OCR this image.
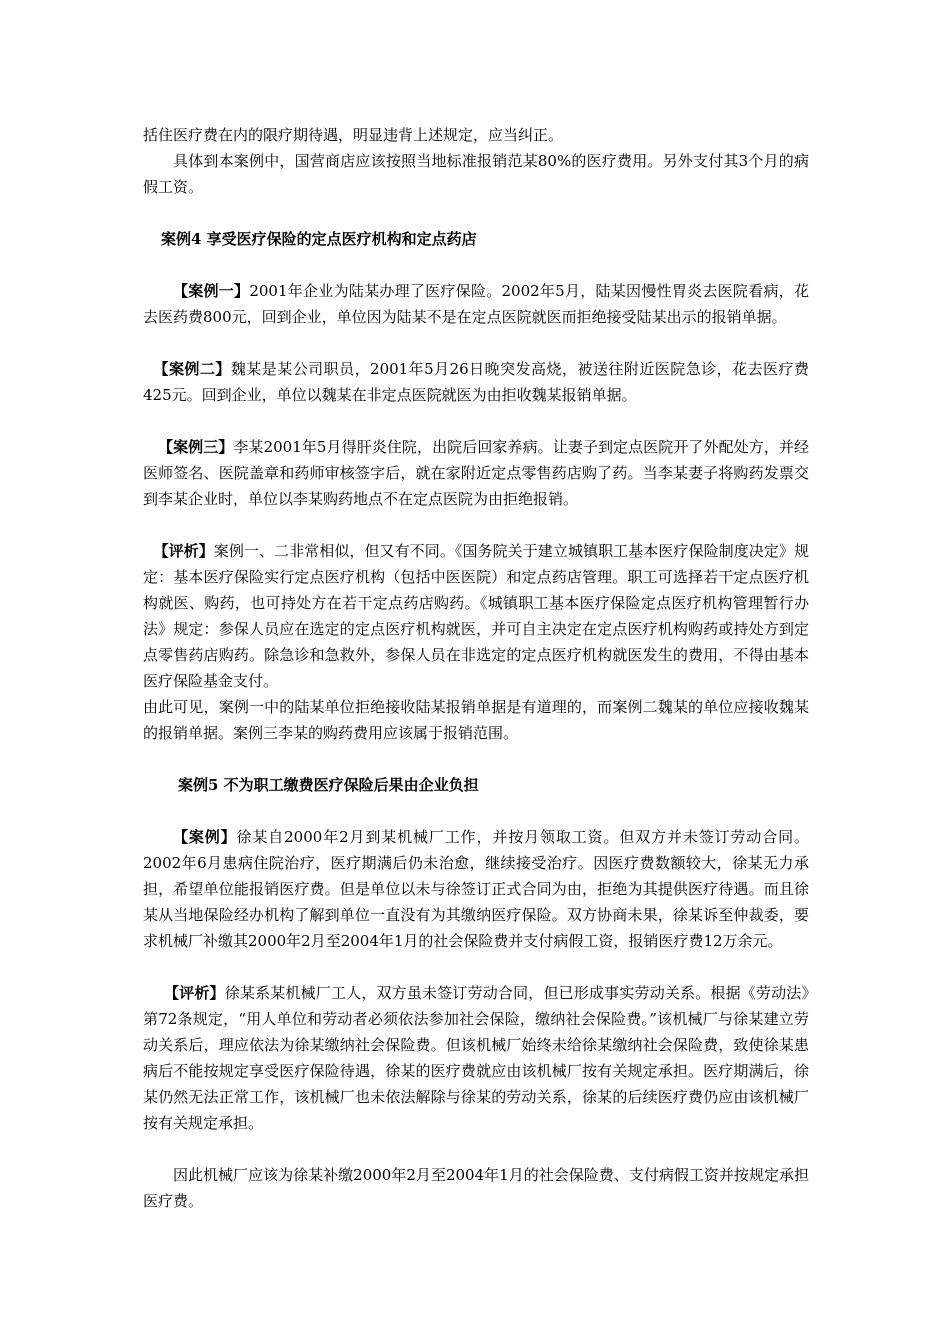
括住医疗费在内的限疗期待遇，明显违背上述规定，应当纠正。

具体到本案例中，国营商店应该按照当地标准报销范某80%的医疗费用。另外支付其3个月的病假工资。

案例4 享受医疗保险的定点医疗机构和定点药店

【案例一】2001年企业为陆某办理了医疗保险。2002年5月，陆某因慢性胃炎去医院看病，花去医药费800元，回到企业，单位因为陆某不是在定点医院就医而拒绝接受陆某出示的报销单据。

【案例二】魏某是某公司职员，2001年5月26日晚突发高烧，被送往附近医院急诊，花去医疗费425元。回到企业，单位以魏某在非定点医院就医为由拒收魏某报销单据。

【案例三】李某2001年5月得肝炎住院，出院后回家养病。让妻子到定点医院开了外配处方，并经医师签名、医院盖章和药师审核签字后，就在家附近定点零售药店购了药。当李某妻子将购药发票交到李某企业时，单位以李某购药地点不在定点医院为由拒绝报销。

【评析】案例一、二非常相似，但又有不同。《国务院关于建立城镇职工基本医疗保险制度决定》规定：基本医疗保险实行定点医疗机构（包括中医医院）和定点药店管理。职工可选择若干定点医疗机构就医、购药，也可持处方在若干定点药店购药。《城镇职工基本医疗保险定点医疗机构管理暂行办法》规定：参保人员应在选定的定点医疗机构就医，并可自主决定在定点医疗机构购药或持处方到定点零售药店购药。除急诊和急救外，参保人员在非选定的定点医疗机构就医发生的费用，不得由基本医疗保险基金支付。

由此可见，案例一中的陆某单位拒绝接收陆某报销单据是有道理的，而案例二魏某的单位应接收魏某的报销单据。案例三李某的购药费用应该属于报销范围。

案例5 不为职工缴费医疗保险后果由企业负担

【案例】徐某自2000年2月到某机械厂工作，并按月领取工资。但双方并未签订劳动合同。2002年6月患病住院治疗，医疗期满后仍未治愈，继续接受治疗。因医疗费数额较大，徐某无力承担，希望单位能报销医疗费。但是单位以未与徐签订正式合同为由，拒绝为其提供医疗待遇。而且徐某从当地保险经办机构了解到单位一直没有为其缴纳医疗保险。双方协商未果，徐某诉至仲裁委，要求机械厂补缴其2000年2月至2004年1月的社会保险费并支付病假工资，报销医疗费12万余元。

【评析】徐某系某机械厂工人，双方虽未签订劳动合同，但已形成事实劳动关系。根据《劳动法》第72条规定，“用人单位和劳动者必须依法参加社会保险，缴纳社会保险费。”该机械厂与徐某建立劳动关系后，理应依法为徐某缴纳社会保险费。但该机械厂始终未给徐某缴纳社会保险费，致使徐某患病后不能按规定享受医疗保险待遇，徐某的医疗费就应由该机械厂按有关规定承担。医疗期满后，徐某仍然无法正常工作，该机械厂也未依法解除与徐某的劳动关系，徐某的后续医疗费仍应由该机械厂按有关规定承担。

因此机械厂应该为徐某补缴2000年2月至2004年1月的社会保险费、支付病假工资并按规定承担医疗费。
